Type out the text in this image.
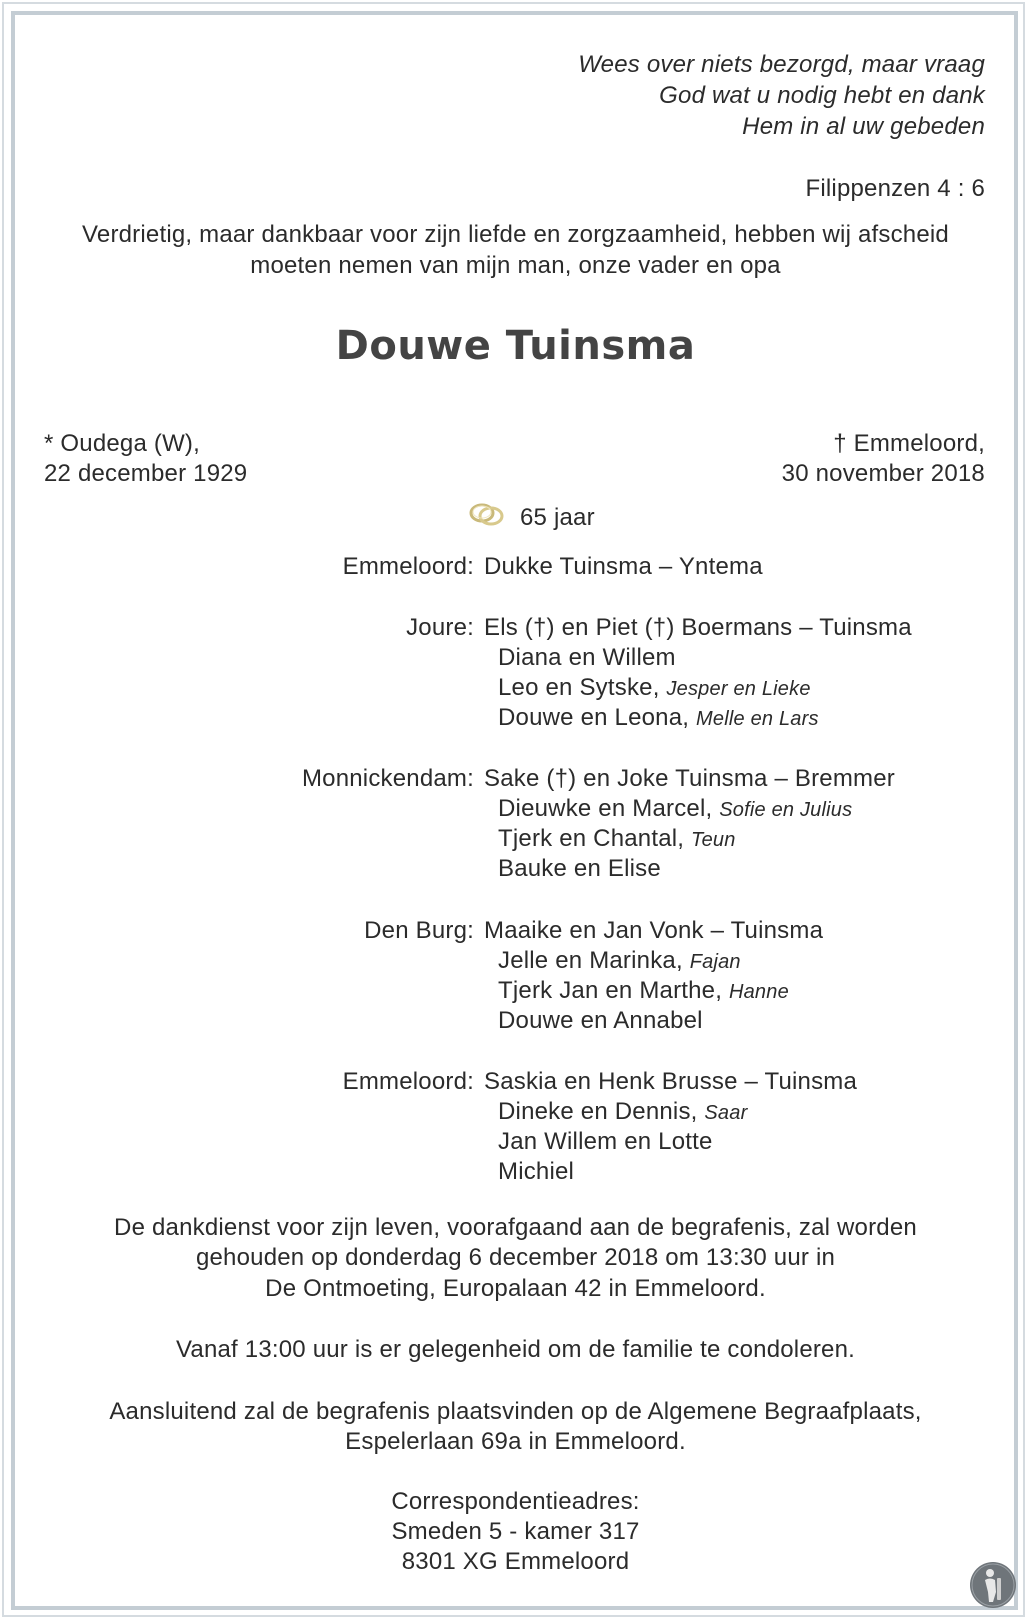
Wees over niets bezorgd, maar vraag
God wat u nodig hebt en dank
Hem in al uw gebeden
Filippenzen 4 : 6
Verdrietig, maar dankbaar voor zijn liefde en zorgzaamheid, hebben wij afscheid
moeten nemen van mijn man, onze vader en opa
Douwe Tuinsma
* Oudega (W),
22 december 1929
† Emmeloord,
30 november 2018
65 jaar
Emmeloord: Dukke Tuinsma – Yntema
Joure: Els (†) en Piet (†) Boermans – Tuinsma
Diana en Willem
Leo en Sytske, Jesper en Lieke
Douwe en Leona, Melle en Lars
Monnickendam: Sake (†) en Joke Tuinsma – Bremmer
Dieuwke en Marcel, Sofie en Julius
Tjerk en Chantal, Teun
Bauke en Elise
Den Burg: Maaike en Jan Vonk – Tuinsma
Jelle en Marinka, Fajan
Tjerk Jan en Marthe, Hanne
Douwe en Annabel
Emmeloord: Saskia en Henk Brusse – Tuinsma
Dineke en Dennis, Saar
Jan Willem en Lotte
Michiel
De dankdienst voor zijn leven, voorafgaand aan de begrafenis, zal worden
gehouden op donderdag 6 december 2018 om 13:30 uur in
De Ontmoeting, Europalaan 42 in Emmeloord.
Vanaf 13:00 uur is er gelegenheid om de familie te condoleren.
Aansluitend zal de begrafenis plaatsvinden op de Algemene Begraafplaats,
Espelerlaan 69a in Emmeloord.
Correspondentieadres:
Smeden 5 - kamer 317
8301 XG Emmeloord
